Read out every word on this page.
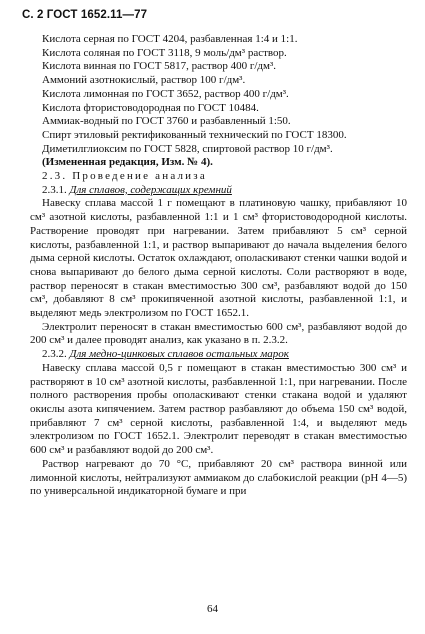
С. 2 ГОСТ 1652.11—77
Кислота серная по ГОСТ 4204, разбавленная 1:4 и 1:1.
Кислота соляная по ГОСТ 3118, 9 моль/дм³ раствор.
Кислота винная по ГОСТ 5817, раствор 400 г/дм³.
Аммоний азотнокислый, раствор 100 г/дм³.
Кислота лимонная по ГОСТ 3652, раствор 400 г/дм³.
Кислота фтористоводородная по ГОСТ 10484.
Аммиак-водный по ГОСТ 3760 и разбавленный 1:50.
Спирт этиловый ректификованный технический по ГОСТ 18300.
Диметилглиоксим по ГОСТ 5828, спиртовой раствор 10 г/дм³.
(Измененная редакция, Изм. № 4).
2.3. Проведение анализа
2.3.1. Для сплавов, содержащих кремний

Навеску сплава массой 1 г помещают в платиновую чашку, прибавляют 10 см³ азотной кислоты, разбавленной 1:1 и 1 см³ фтористоводородной кислоты. Растворение проводят при нагревании. Затем прибавляют 5 см³ серной кислоты, разбавленной 1:1, и раствор выпаривают до начала выделения белого дыма серной кислоты. Остаток охлаждают, ополаскивают стенки чашки водой и снова выпаривают до белого дыма серной кислоты. Соли растворяют в воде, раствор переносят в стакан вместимостью 300 см³, разбавляют водой до 150 см³, добавляют 8 см³ прокипяченной азотной кислоты, разбавленной 1:1, и выделяют медь электролизом по ГОСТ 1652.1.

Электролит переносят в стакан вместимостью 600 см³, разбавляют водой до 200 см³ и далее проводят анализ, как указано в п. 2.3.2.

2.3.2. Для медно-цинковых сплавов остальных марок

Навеску сплава массой 0,5 г помещают в стакан вместимостью 300 см³ и растворяют в 10 см³ азотной кислоты, разбавленной 1:1, при нагревании. После полного растворения пробы ополаскивают стенки стакана водой и удаляют окислы азота кипячением. Затем раствор разбавляют до объема 150 см³ водой, прибавляют 7 см³ серной кислоты, разбавленной 1:4, и выделяют медь электролизом по ГОСТ 1652.1. Электролит переводят в стакан вместимостью 600 см³ и разбавляют водой до 200 см³.

Раствор нагревают до 70 °С, прибавляют 20 см³ раствора винной или лимонной кислоты, нейтрализуют аммиаком до слабокислой реакции (рН 4—5) по универсальной индикаторной бумаге и при

64
